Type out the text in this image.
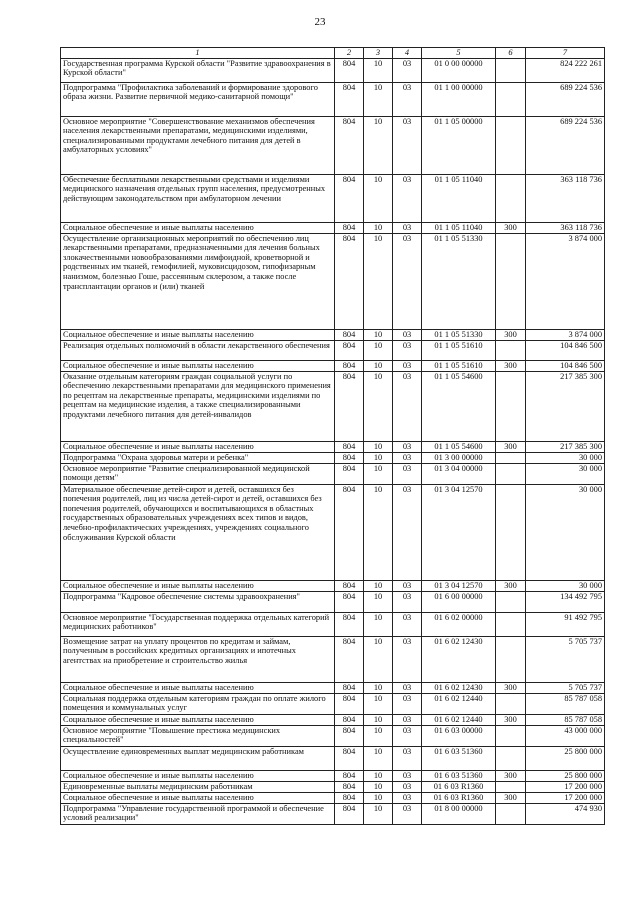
23
1	2	3	4	5	6	7
Государственная программа Курской области "Развитие здравоохранения в Курской области"	804	10	03	01 0 00 00000		824 222 261
Подпрограмма "Профилактика заболеваний и формирование здорового образа жизни. Развитие первичной медико-санитарной помощи"	804	10	03	01 1 00 00000		689 224 536
Основное мероприятие "Совершенствование механизмов обеспечения населения лекарственными препаратами, медицинскими изделиями, специализированными продуктами лечебного питания для детей в амбулаторных условиях"	804	10	03	01 1 05 00000		689 224 536
Обеспечение бесплатными лекарственными средствами и изделиями медицинского назначения отдельных групп населения, предусмотренных действующим законодательством при амбулаторном лечении	804	10	03	01 1 05 11040		363 118 736
Социальное обеспечение и иные выплаты населению	804	10	03	01 1 05 11040	300	363 118 736
Осуществление организационных мероприятий по обеспечению лиц лекарственными препаратами, предназначенными для лечения больных злокачественными новообразованиями лимфоидной, кроветворной и родственных им тканей, гемофилией, муковисцидозом, гипофизарным нанизмом, болезнью Гоше, рассеянным склерозом, а также после трансплантации органов и (или) тканей	804	10	03	01 1 05 51330		3 874 000
Социальное обеспечение и иные выплаты населению	804	10	03	01 1 05 51330	300	3 874 000
Реализация отдельных полномочий в области лекарственного обеспечения	804	10	03	01 1 05 51610		104 846 500
Социальное обеспечение и иные выплаты населению	804	10	03	01 1 05 51610	300	104 846 500
Оказание отдельным категориям граждан социальной услуги по обеспечению лекарственными препаратами для медицинского применения по рецептам на лекарственные препараты, медицинскими изделиями по рецептам на медицинские изделия, а также специализированными продуктами лечебного питания для детей-инвалидов	804	10	03	01 1 05 54600		217 385 300
Социальное обеспечение и иные выплаты населению	804	10	03	01 1 05 54600	300	217 385 300
Подпрограмма "Охрана здоровья матери и ребенка"	804	10	03	01 3 00 00000		30 000
Основное мероприятие "Развитие специализированной медицинской помощи детям"	804	10	03	01 3 04 00000		30 000
Материальное обеспечение детей-сирот и детей, оставшихся без попечения родителей, лиц из числа детей-сирот и детей, оставшихся без попечения родителей, обучающихся и воспитывающихся в областных государственных образовательных учреждениях всех типов и видов, лечебно-профилактических учреждениях, учреждениях социального обслуживания Курской области	804	10	03	01 3 04 12570		30 000
Социальное обеспечение и иные выплаты населению	804	10	03	01 3 04 12570	300	30 000
Подпрограмма "Кадровое обеспечение системы здравоохранения"	804	10	03	01 6 00 00000		134 492 795
Основное мероприятие "Государственная поддержка отдельных категорий медицинских работников"	804	10	03	01 6 02 00000		91 492 795
Возмещение затрат на уплату процентов по кредитам и займам, полученным в российских кредитных организациях и ипотечных агентствах на приобретение и строительство жилья	804	10	03	01 6 02 12430		5 705 737
Социальное обеспечение и иные выплаты населению	804	10	03	01 6 02 12430	300	5 705 737
Социальная поддержка отдельным категориям граждан по оплате жилого помещения и коммунальных услуг	804	10	03	01 6 02 12440		85 787 058
Социальное обеспечение и иные выплаты населению	804	10	03	01 6 02 12440	300	85 787 058
Основное мероприятие "Повышение престижа медицинских специальностей"	804	10	03	01 6 03 00000		43 000 000
Осуществление единовременных выплат медицинским работникам	804	10	03	01 6 03 51360		25 800 000
Социальное обеспечение и иные выплаты населению	804	10	03	01 6 03 51360	300	25 800 000
Единовременные выплаты медицинским работникам	804	10	03	01 6 03 R1360		17 200 000
Социальное обеспечение и иные выплаты населению	804	10	03	01 6 03 R1360	300	17 200 000
Подпрограмма "Управление государственной программой и обеспечение условий реализации"	804	10	03	01 8 00 00000		474 930
